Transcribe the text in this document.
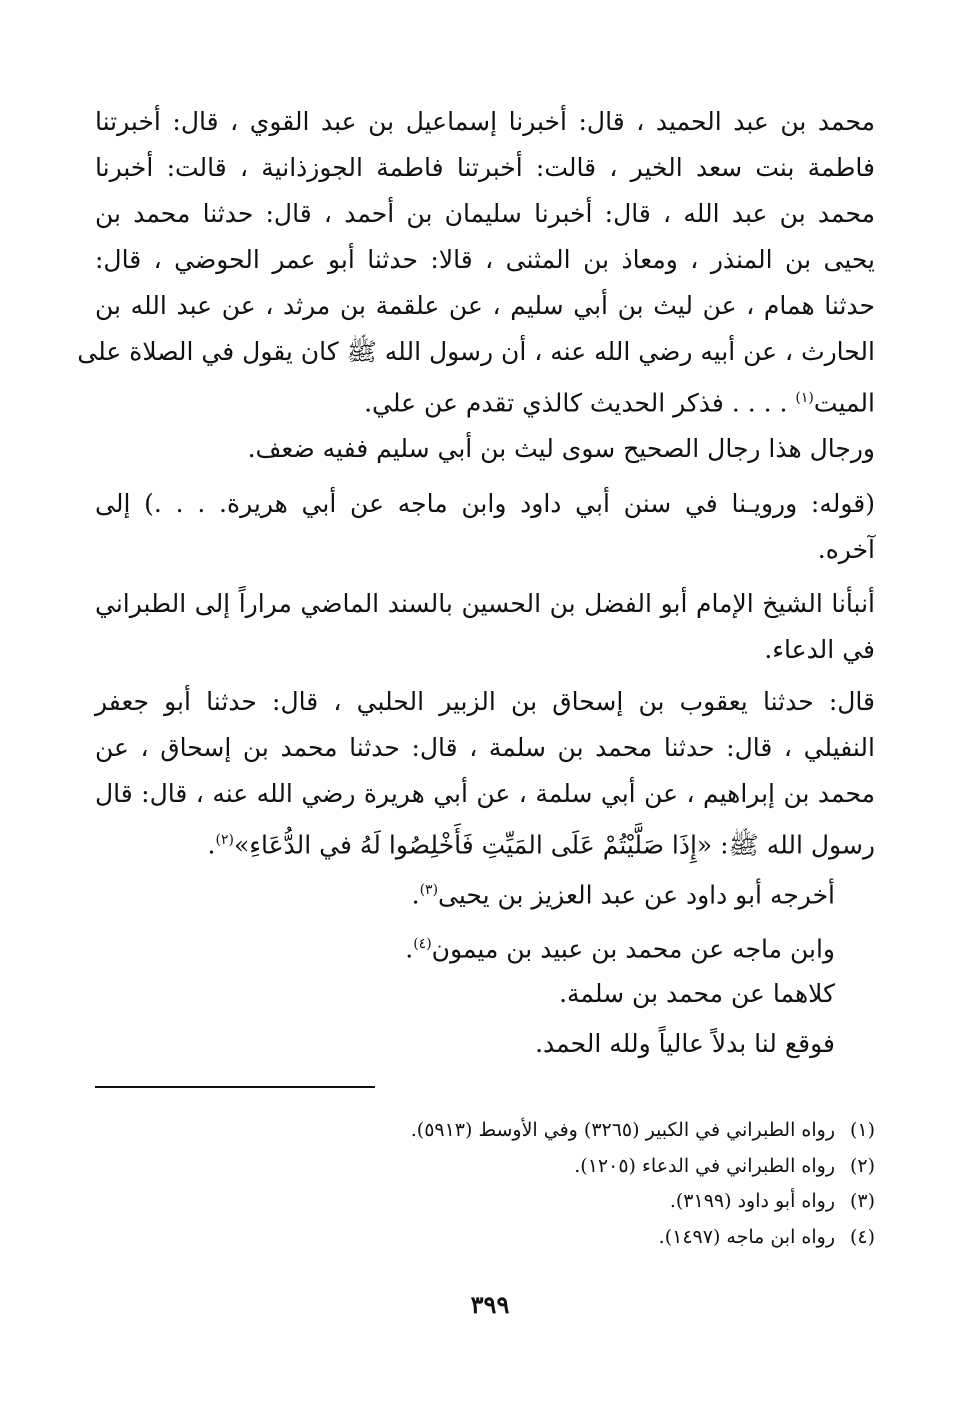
محمد بن عبد الحميد ، قال: أخبرنا إسماعيل بن عبد القوي ، قال: أخبرتنا
فاطمة بنت سعد الخير ، قالت: أخبرتنا فاطمة الجوزذانية ، قالت: أخبرنا
محمد بن عبد الله ، قال: أخبرنا سليمان بن أحمد ، قال: حدثنا محمد بن
يحيى بن المنذر ، ومعاذ بن المثنى ، قالا: حدثنا أبو عمر الحوضي ، قال:
حدثنا همام ، عن ليث بن أبي سليم ، عن علقمة بن مرثد ، عن عبد الله بن
الحارث ، عن أبيه رضي الله عنه ، أن رسول الله ﷺ كان يقول في الصلاة على
الميت$^{(١)}$ . . . . فذكر الحديث كالذي تقدم عن علي.
ورجال هذا رجال الصحيح سوى ليث بن أبي سليم ففيه ضعف.
(قوله: ورويـنا في سنن أبي داود وابن ماجه عن أبي هريرة. . . .) إلى
آخره.
أنبأنا الشيخ الإمام أبو الفضل بن الحسين بالسند الماضي مراراً إلى الطبراني
في الدعاء.
قال: حدثنا يعقوب بن إسحاق بن الزبير الحلبي ، قال: حدثنا أبو جعفر
النفيلي ، قال: حدثنا محمد بن سلمة ، قال: حدثنا محمد بن إسحاق ، عن
محمد بن إبراهيم ، عن أبي سلمة ، عن أبي هريرة رضي الله عنه ، قال: قال
رسول الله ﷺ: «إِذَا صَلَّيْتُمْ عَلَى المَيِّتِ فَأَخْلِصُوا لَهُ في الدُّعَاءِ»$^{(٢)}$.
أخرجه أبو داود عن عبد العزيز بن يحيى$^{(٣)}$.
وابن ماجه عن محمد بن عبيد بن ميمون$^{(٤)}$.
كلاهما عن محمد بن سلمة.
فوقع لنا بدلاً عالياً ولله الحمد.
(١)رواه الطبراني في الكبير (٣٢٦٥) وفي الأوسط (٥٩١٣).
(٢)رواه الطبراني في الدعاء (١٢٠٥).
(٣)رواه أبو داود (٣١٩٩).
(٤)رواه ابن ماجه (١٤٩٧).
٣٩٩
